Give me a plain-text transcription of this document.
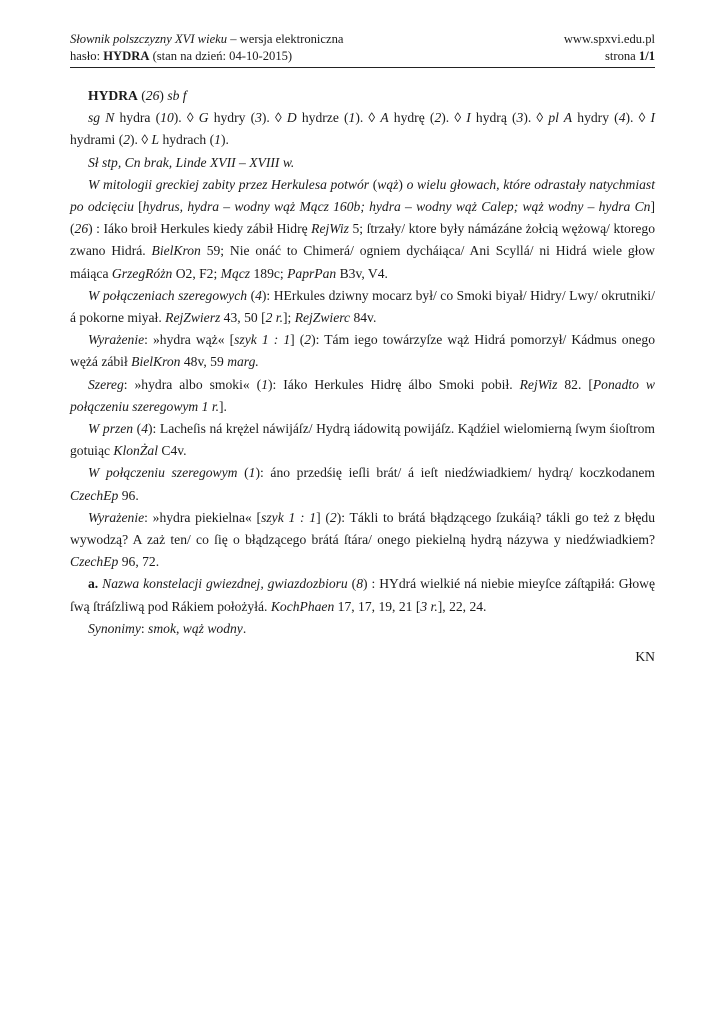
Słownik polszczyzny XVI wieku – wersja elektroniczna	www.spxvi.edu.pl
hasło: HYDRA (stan na dzień: 04-10-2015)	strona 1/1

HYDRA (26) sb f

sg N hydra (10). ◊ G hydry (3). ◊ D hydrze (1). ◊ A hydrę (2). ◊ I hydrą (3). ◊ pl A hydry (4). ◊ I hydrami (2). ◊ L hydrach (1).

Sł stp, Cn brak, Linde XVII – XVIII w.

W mitologii greckiej zabity przez Herkulesa potwór (wąż) o wielu głowach, które odrastały natychmiast po odcięciu [hydrus, hydra – wodny wąż Mącz 160b; hydra – wodny wąż Calep; wąż wodny – hydra Cn] (26) : Iáko broił Herkules kiedy zábił Hidrę RejWiz 5; ſtrzały/ ktore były námázáne żołcią wężową/ ktorego zwano Hidrá. BielKron 59; Nie onáć to Chimerá/ ogniem dycháiąca/ Ani Scyllá/ ni Hidrá wiele głow máiąca GrzegRóżn O2, F2; Mącz 189c; PaprPan B3v, V4.

W połączeniach szeregowych (4): HErkules dziwny mocarz był/ co Smoki biyał/ Hidry/ Lwy/ okrutniki/ á pokorne miyał. RejZwierz 43, 50 [2 r.]; RejZwierc 84v.

Wyrażenie: »hydra wąż« [szyk 1 : 1] (2): Tám iego towárzyſze wąż Hidrá pomorzył/ Kádmus onego wężá zábił BielKron 48v, 59 marg.

Szereg: »hydra albo smoki« (1): Iáko Herkules Hidrę álbo Smoki pobił. RejWiz 82. [Ponadto w połączeniu szeregowym 1 r.].

W przen (4): Lacheſis ná krężel náwijáſz/ Hydrą iádowitą powijáſz. Kądźiel wielomierną ſwym śioſtrom gotuiąc KlonŻal C4v.

W połączeniu szeregowym (1): áno przedśię ieſli brát/ á ieſt niedźwiadkiem/ hydrą/ koczkodanem CzechEp 96.

Wyrażenie: »hydra piekielna« [szyk 1 : 1] (2): Tákli to brátá błądzącego ſzukáią? tákli go też z błędu wywodzą? A zaż ten/ co ſię o błądzącego brátá ſtára/ onego piekielną hydrą názywa y niedźwiadkiem? CzechEp 96, 72.

a. Nazwa konstelacji gwiezdnej, gwiazdozbioru (8) : HYdrá wielkié ná niebie mieyſce záſtąpiłá: Głowę ſwą ſtráſzliwą pod Rákiem położyłá. KochPhaen 17, 17, 19, 21 [3 r.], 22, 24.

Synonimy: smok, wąż wodny.

KN
